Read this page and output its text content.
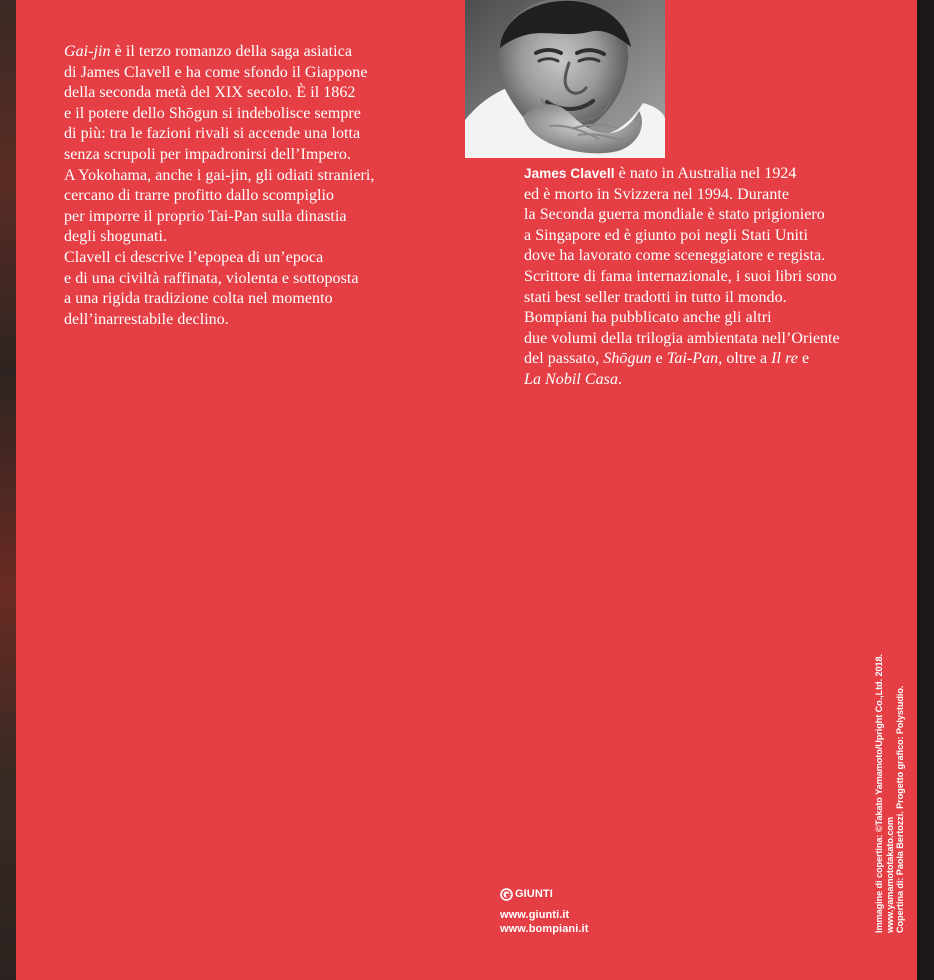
Gai-jin è il terzo romanzo della saga asiatica
di James Clavell e ha come sfondo il Giappone
della seconda metà del XIX secolo. È il 1862
e il potere dello Shōgun si indebolisce sempre
di più: tra le fazioni rivali si accende una lotta
senza scrupoli per impadronirsi dell’Impero.
A Yokohama, anche i gai-jin, gli odiati stranieri,
cercano di trarre profitto dallo scompiglio
per imporre il proprio Tai-Pan sulla dinastia
degli shogunati.
Clavell ci descrive l’epopea di un’epoca
e di una civiltà raffinata, violenta e sottoposta
a una rigida tradizione colta nel momento
dell’inarrestabile declino.
James Clavell è nato in Australia nel 1924
ed è morto in Svizzera nel 1994. Durante
la Seconda guerra mondiale è stato prigioniero
a Singapore ed è giunto poi negli Stati Uniti
dove ha lavorato come sceneggiatore e regista.
Scrittore di fama internazionale, i suoi libri sono
stati best seller tradotti in tutto il mondo.
Bompiani ha pubblicato anche gli altri
due volumi della trilogia ambientata nell’Oriente
del passato, Shōgun e Tai-Pan, oltre a Il re e
La Nobil Casa.
GIUNTI
www.giunti.it
www.bompiani.it	Immagine di copertina: ©Takato Yamamoto/Upright Co.,Ltd. 2018. www.yamamototakato.com Copertina di: Paola Bertozzi. Progetto grafico: Polystudio.
